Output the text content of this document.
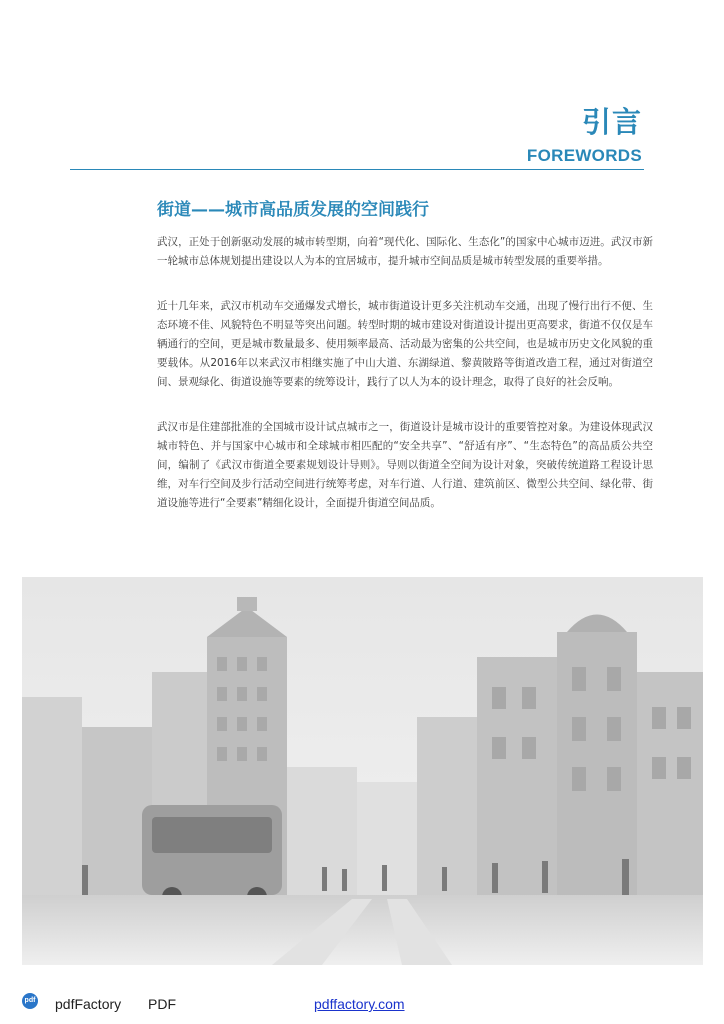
引言
FOREWORDS
街道——城市高品质发展的空间践行

武汉，正处于创新驱动发展的城市转型期，向着“现代化、国际化、生态化”的国家中心城市迈进。武汉市新一轮城市总体规划提出建设以人为本的宜居城市，提升城市空间品质是城市转型发展的重要举措。

近十几年来，武汉市机动车交通爆发式增长，城市街道设计更多关注机动车交通，出现了慢行出行不便、生态环境不佳、风貌特色不明显等突出问题。转型时期的城市建设对街道设计提出更高要求，街道不仅仅是车辆通行的空间，更是城市数量最多、使用频率最高、活动最为密集的公共空间，也是城市历史文化风貌的重要载体。从2016年以来武汉市相继实施了中山大道、东湖绿道、黎黄陂路等街道改造工程，通过对街道空间、景观绿化、街道设施等要素的统筹设计，践行了以人为本的设计理念，取得了良好的社会反响。

武汉市是住建部批准的全国城市设计试点城市之一，街道设计是城市设计的重要管控对象。为建设体现武汉城市特色、并与国家中心城市和全球城市相匹配的“安全共享”、“舒适有序”、“生态特色”的高品质公共空间，编制了《武汉市街道全要素规划设计导则》。导则以街道全空间为设计对象，突破传统道路工程设计思维，对车行空间及步行活动空间进行统筹考虑，对车行道、人行道、建筑前区、微型公共空间、绿化带、街道设施等进行“全要素”精细化设计，全面提升街道空间品质。

pdf pdfFactory PDF	pdffactory.com
